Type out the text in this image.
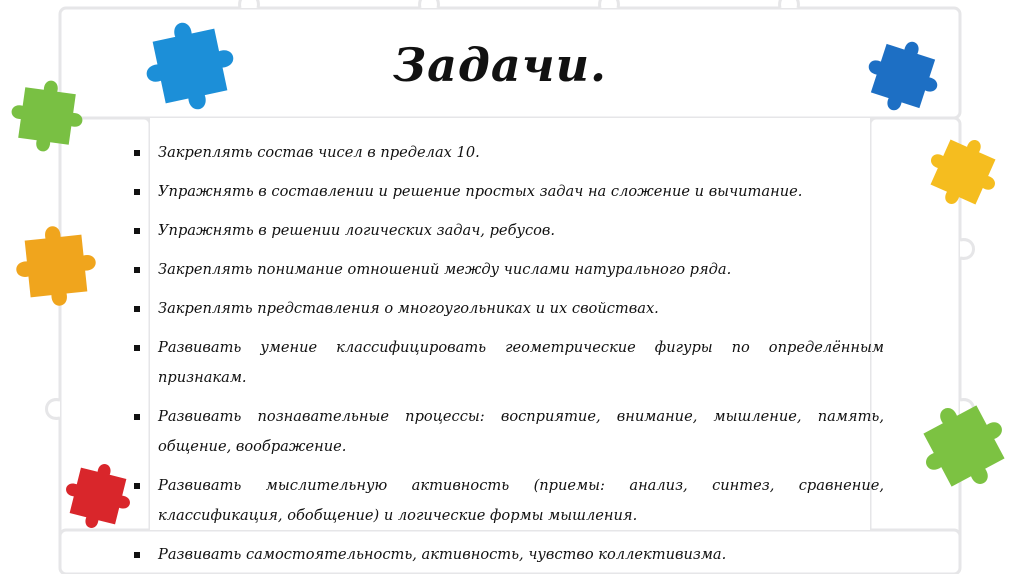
Задачи.
Закреплять состав чисел в пределах 10.
Упражнять в составлении и решение простых задач на сложение и вычитание.
Упражнять в решении логических задач, ребусов.
Закреплять понимание отношений между числами натурального ряда.
Закреплять представления о многоугольниках и их свойствах.
Развивать умение классифицировать геометрические фигуры по определённым признакам.
Развивать познавательные процессы: восприятие, внимание, мышление, память, общение, воображение.
Развивать мыслительную активность (приемы: анализ, синтез, сравнение, классификация, обобщение) и логические формы мышления.
Развивать самостоятельность, активность, чувство коллективизма.
